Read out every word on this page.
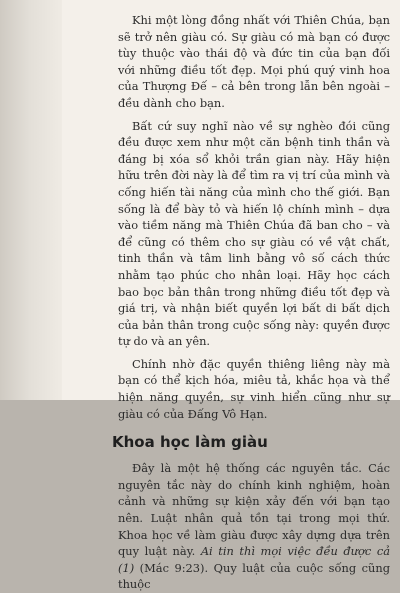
Khi một lòng đồng nhất với Thiên Chúa, bạn sẽ trở nên giàu có. Sự giàu có mà bạn có được tùy thuộc vào thái độ và đức tin của bạn đối với những điều tốt đẹp. Mọi phú quý vinh hoa của Thượng Đế – cả bên trong lẫn bên ngoài – đều dành cho bạn.

Bất cứ suy nghĩ nào về sự nghèo đói cũng đều được xem như một căn bệnh tinh thần và đáng bị xóa sổ khỏi trần gian này. Hãy hiện hữu trên đời này là để tìm ra vị trí của mình và cống hiến tài năng của mình cho thế giới. Bạn sống là để bày tỏ và hiến lộ chính mình – dựa vào tiềm năng mà Thiên Chúa đã ban cho – và để cũng có thêm cho sự giàu có về vật chất, tinh thần và tâm linh bằng vô số cách thức nhằm tạo phúc cho nhân loại. Hãy học cách bao bọc bản thân trong những điều tốt đẹp và giá trị, và nhận biết quyền lợi bất di bất dịch của bản thân trong cuộc sống này: quyền được tự do và an yên.

Chính nhờ đặc quyền thiêng liêng này mà bạn có thể kịch hóa, miêu tả, khắc họa và thể hiện năng quyền, sự vinh hiển cũng như sự giàu có của Đấng Vô Hạn.

Khoa học làm giàu

Đây là một hệ thống các nguyên tắc. Các nguyên tắc này do chính kinh nghiệm, hoàn cảnh và những sự kiện xảy đến với bạn tạo nên. Luật nhân quả tồn tại trong mọi thứ. Khoa học về làm giàu được xây dựng dựa trên quy luật này. Ai tin thì mọi việc đều được cả (1) (Mác 9:23). Quy luật của cuộc sống cũng thuộc
